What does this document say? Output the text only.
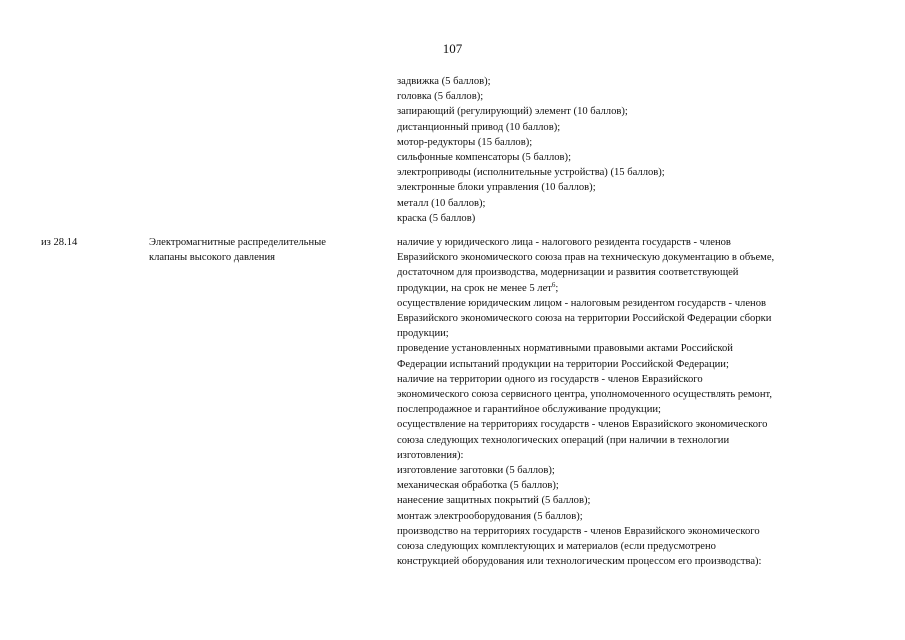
107
задвижка (5 баллов);
головка (5 баллов);
запирающий (регулирующий) элемент (10 баллов);
дистанционный привод (10 баллов);
мотор-редукторы (15 баллов);
сильфонные компенсаторы (5 баллов);
электроприводы (исполнительные устройства) (15 баллов);
электронные блоки управления (10 баллов);
металл (10 баллов);
краска (5 баллов)
из 28.14	Электромагнитные распределительные
клапаны высокого давления
наличие у юридического лица - налогового резидента государств - членов
Евразийского экономического союза прав на техническую документацию в объеме,
достаточном для производства, модернизации и развития соответствующей
продукции, на срок не менее 5 лет$^6$;
осуществление юридическим лицом - налоговым резидентом государств - членов
Евразийского экономического союза на территории Российской Федерации сборки
продукции;
проведение установленных нормативными правовыми актами Российской
Федерации испытаний продукции на территории Российской Федерации;
наличие на территории одного из государств - членов Евразийского
экономического союза сервисного центра, уполномоченного осуществлять ремонт,
послепродажное и гарантийное обслуживание продукции;
осуществление на территориях государств - членов Евразийского экономического
союза следующих технологических операций (при наличии в технологии
изготовления):
изготовление заготовки (5 баллов);
механическая обработка (5 баллов);
нанесение защитных покрытий (5 баллов);
монтаж электрооборудования (5 баллов);
производство на территориях государств - членов Евразийского экономического
союза следующих комплектующих и материалов (если предусмотрено
конструкцией оборудования или технологическим процессом его производства):
